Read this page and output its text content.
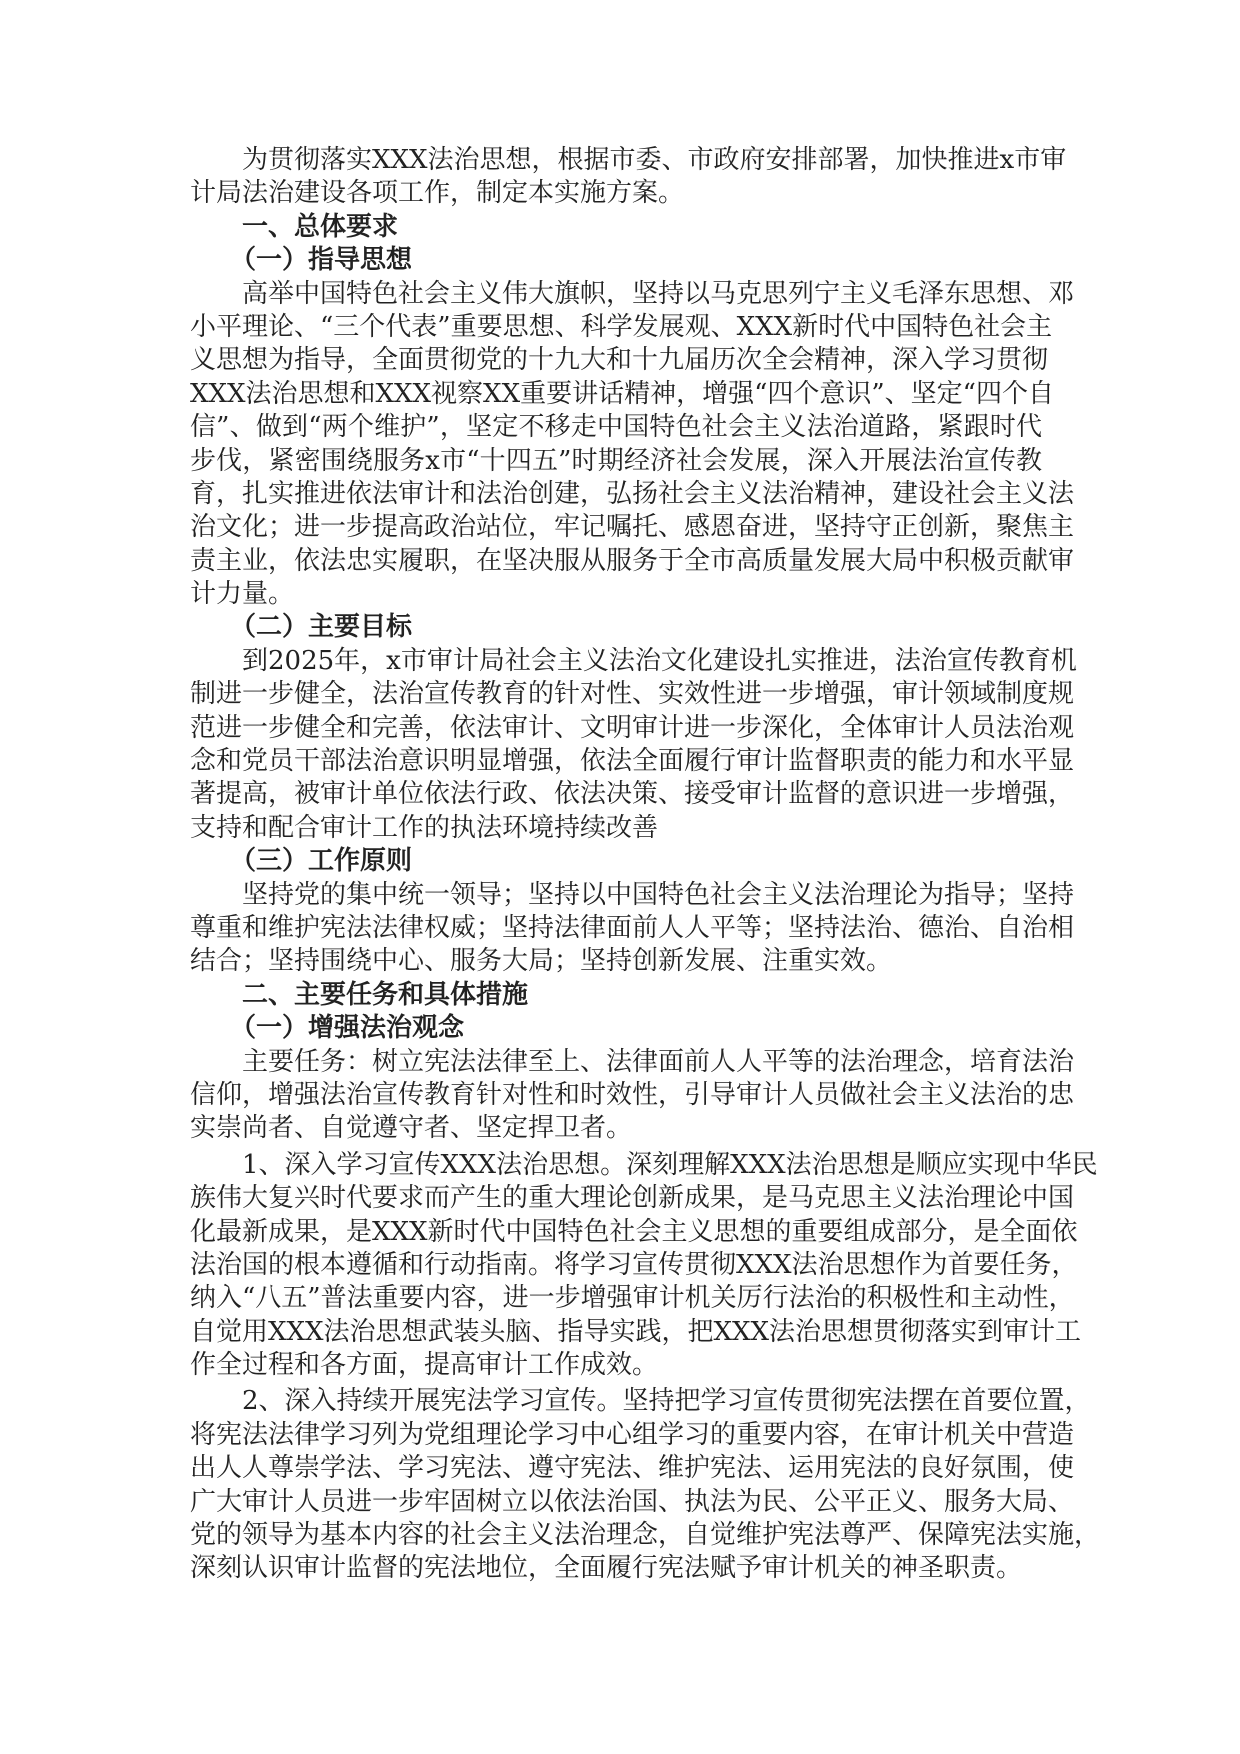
为贯彻落实XXX法治思想，根据市委、市政府安排部署，加快推进x市审
计局法治建设各项工作，制定本实施方案。
一、总体要求
（一）指导思想
高举中国特色社会主义伟大旗帜，坚持以马克思列宁主义毛泽东思想、邓
小平理论、“三个代表”重要思想、科学发展观、XXX新时代中国特色社会主
义思想为指导，全面贯彻党的十九大和十九届历次全会精神，深入学习贯彻
XXX法治思想和XXX视察XX重要讲话精神，增强“四个意识”、坚定“四个自
信”、做到“两个维护”，坚定不移走中国特色社会主义法治道路，紧跟时代
步伐，紧密围绕服务x市“十四五”时期经济社会发展，深入开展法治宣传教
育，扎实推进依法审计和法治创建，弘扬社会主义法治精神，建设社会主义法
治文化；进一步提高政治站位，牢记嘱托、感恩奋进，坚持守正创新，聚焦主
责主业，依法忠实履职，在坚决服从服务于全市高质量发展大局中积极贡献审
计力量。
（二）主要目标
到2025年，x市审计局社会主义法治文化建设扎实推进，法治宣传教育机
制进一步健全，法治宣传教育的针对性、实效性进一步增强，审计领域制度规
范进一步健全和完善，依法审计、文明审计进一步深化，全体审计人员法治观
念和党员干部法治意识明显增强，依法全面履行审计监督职责的能力和水平显
著提高，被审计单位依法行政、依法决策、接受审计监督的意识进一步增强，
支持和配合审计工作的执法环境持续改善
（三）工作原则
坚持党的集中统一领导；坚持以中国特色社会主义法治理论为指导；坚持
尊重和维护宪法法律权威；坚持法律面前人人平等；坚持法治、德治、自治相
结合；坚持围绕中心、服务大局；坚持创新发展、注重实效。
二、主要任务和具体措施
（一）增强法治观念
主要任务：树立宪法法律至上、法律面前人人平等的法治理念，培育法治
信仰，增强法治宣传教育针对性和时效性，引导审计人员做社会主义法治的忠
实崇尚者、自觉遵守者、坚定捍卫者。
1、深入学习宣传XXX法治思想。深刻理解XXX法治思想是顺应实现中华民
族伟大复兴时代要求而产生的重大理论创新成果，是马克思主义法治理论中国
化最新成果，是XXX新时代中国特色社会主义思想的重要组成部分，是全面依
法治国的根本遵循和行动指南。将学习宣传贯彻XXX法治思想作为首要任务，
纳入“八五”普法重要内容，进一步增强审计机关厉行法治的积极性和主动性，
自觉用XXX法治思想武装头脑、指导实践，把XXX法治思想贯彻落实到审计工
作全过程和各方面，提高审计工作成效。
2、深入持续开展宪法学习宣传。坚持把学习宣传贯彻宪法摆在首要位置，
将宪法法律学习列为党组理论学习中心组学习的重要内容，在审计机关中营造
出人人尊崇学法、学习宪法、遵守宪法、维护宪法、运用宪法的良好氛围，使
广大审计人员进一步牢固树立以依法治国、执法为民、公平正义、服务大局、
党的领导为基本内容的社会主义法治理念，自觉维护宪法尊严、保障宪法实施，
深刻认识审计监督的宪法地位，全面履行宪法赋予审计机关的神圣职责。
